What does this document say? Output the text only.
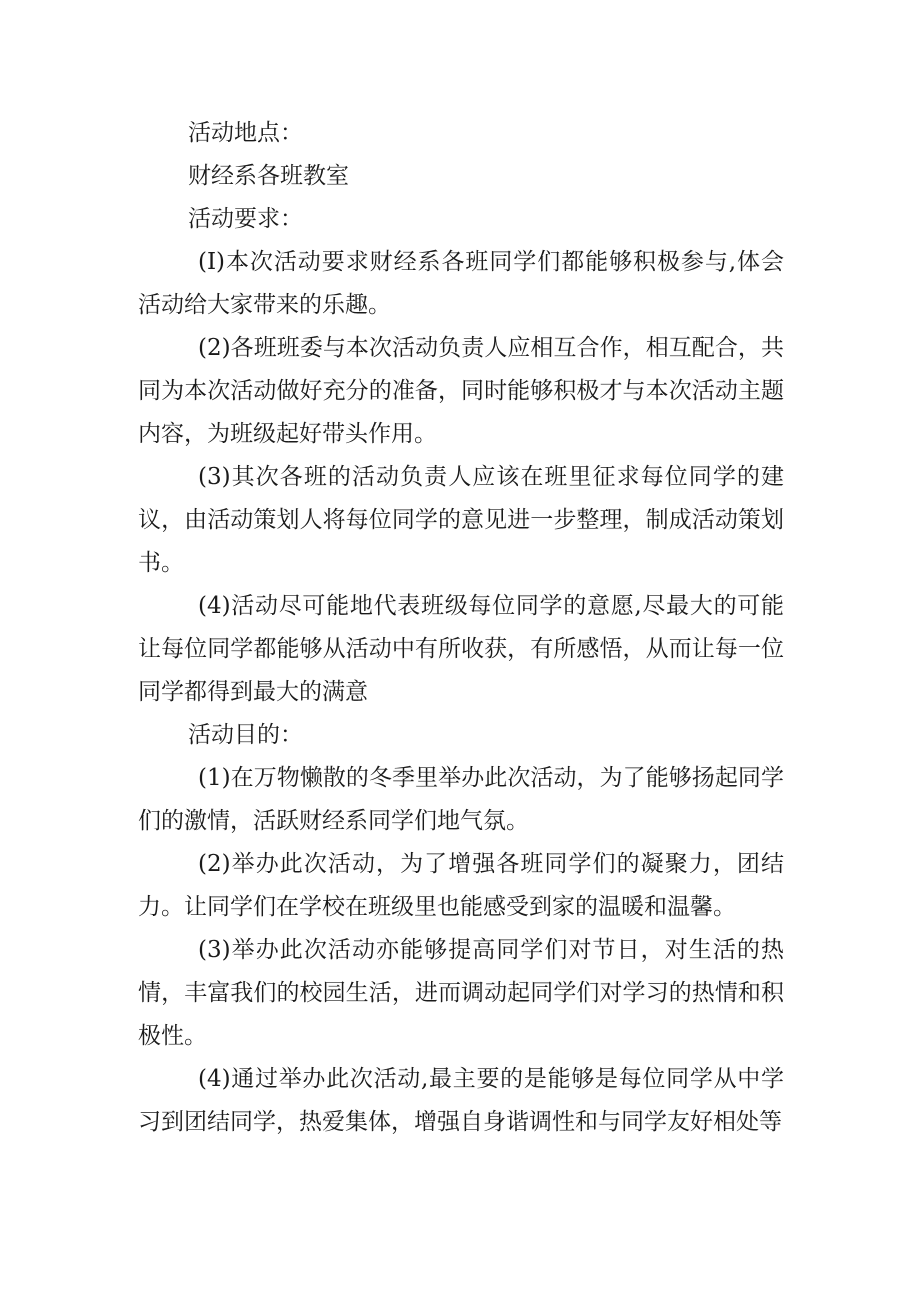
活动地点：

财经系各班教室

活动要求：

(I)本次活动要求财经系各班同学们都能够积极参与,体会活动给大家带来的乐趣。

(2)各班班委与本次活动负责人应相互合作，相互配合，共同为本次活动做好充分的准备，同时能够积极才与本次活动主题内容，为班级起好带头作用。

(3)其次各班的活动负责人应该在班里征求每位同学的建议，由活动策划人将每位同学的意见进一步整理，制成活动策划书。

(4)活动尽可能地代表班级每位同学的意愿,尽最大的可能让每位同学都能够从活动中有所收获，有所感悟，从而让每一位同学都得到最大的满意

活动目的：

(1)在万物懒散的冬季里举办此次活动，为了能够扬起同学们的激情，活跃财经系同学们地气氛。

(2)举办此次活动，为了增强各班同学们的凝聚力，团结力。让同学们在学校在班级里也能感受到家的温暖和温馨。

(3)举办此次活动亦能够提高同学们对节日，对生活的热情，丰富我们的校园生活，进而调动起同学们对学习的热情和积极性。

(4)通过举办此次活动,最主要的是能够是每位同学从中学习到团结同学，热爱集体，增强自身谐调性和与同学友好相处等
